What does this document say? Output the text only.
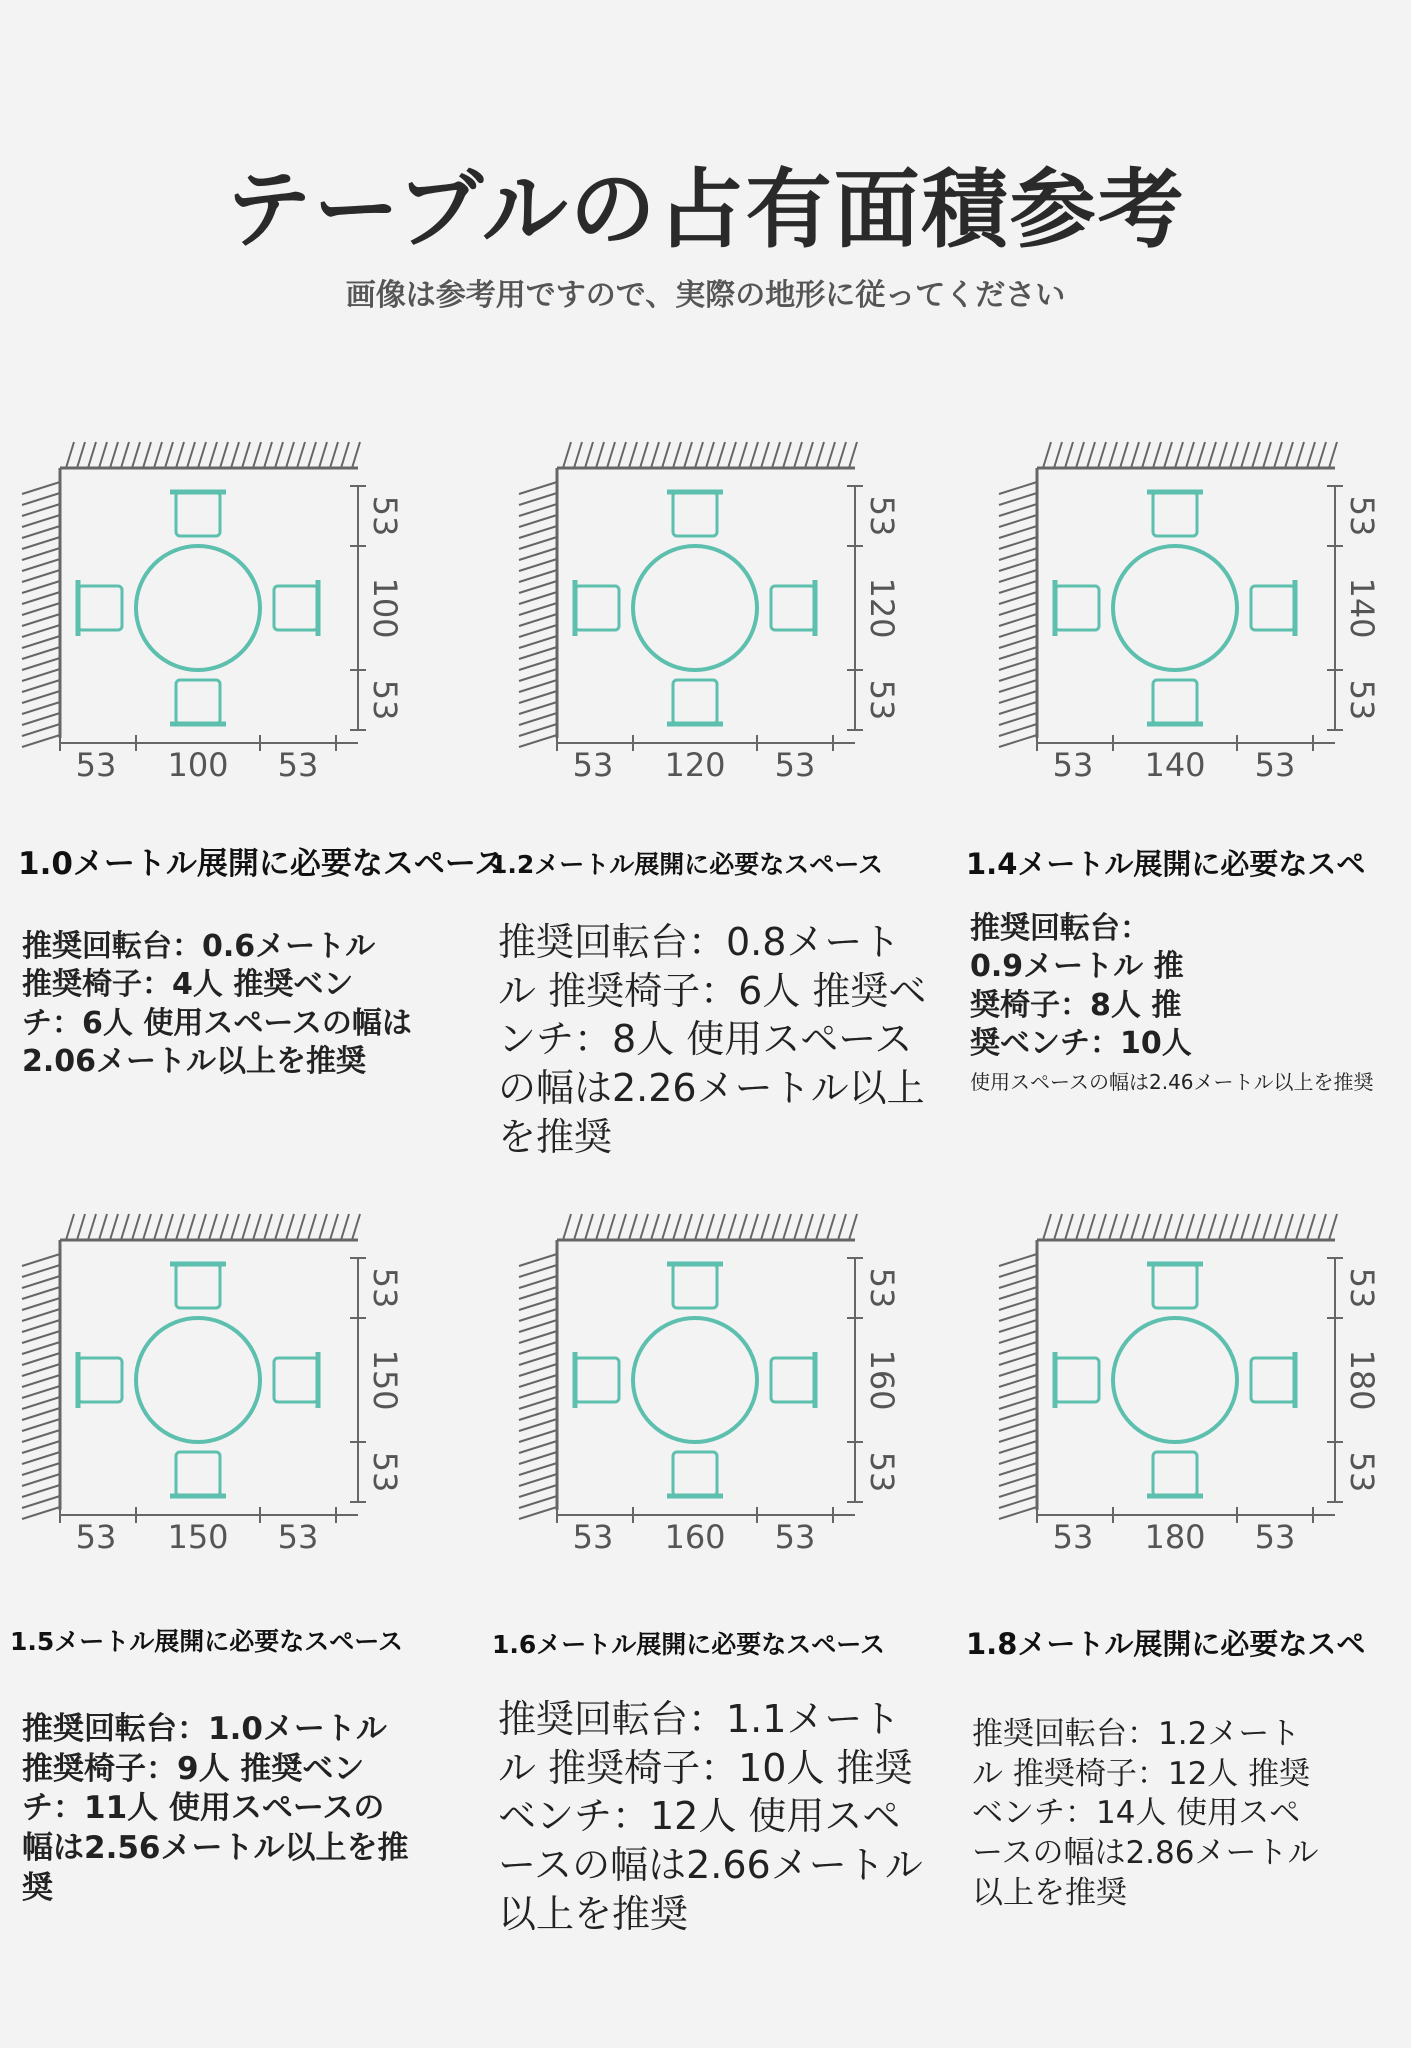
テーブルの占有面積参考
画像は参考用ですので、実際の地形に従ってください
53
100
53
53 100 53
1.0メートル展開に必要なスペース
推奨回転台：0.6メートル 推奨椅子：4人 推奨ベンチ：6人 使用スペースの幅は2.06メートル以上を推奨
53
120
53
53 120 53
1.2メートル展開に必要なスペース
推奨回転台：0.8メートル 推奨椅子：6人 推奨ベンチ：8人 使用スペースの幅は2.26メートル以上を推奨
53
140
53
53 140 53
1.4メートル展開に必要なスペ
推奨回転台：0.9メートル 推奨椅子：8人 推奨ベンチ：10人
使用スペースの幅は2.46メートル以上を推奨
53
150
53
53 150 53
1.5メートル展開に必要なスペース
推奨回転台：1.0メートル 推奨椅子：9人 推奨ベンチ：11人 使用スペースの幅は2.56メートル以上を推奨
53
160
53
53 160 53
1.6メートル展開に必要なスペース
推奨回転台：1.1メートル 推奨椅子：10人 推奨ベンチ：12人 使用スペースの幅は2.66メートル以上を推奨
53
180
53
53 180 53
1.8メートル展開に必要なスペ
推奨回転台：1.2メートル 推奨椅子：12人 推奨ベンチ：14人 使用スペースの幅は2.86メートル以上を推奨
